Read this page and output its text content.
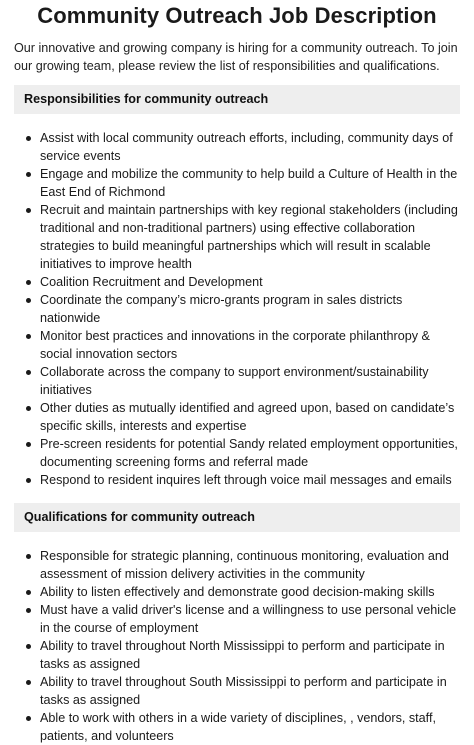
Community Outreach Job Description

Our innovative and growing company is hiring for a community outreach. To join our growing team, please review the list of responsibilities and qualifications.

Responsibilities for community outreach
Assist with local community outreach efforts, including, community days of service events
Engage and mobilize the community to help build a Culture of Health in the East End of Richmond
Recruit and maintain partnerships with key regional stakeholders (including traditional and non-traditional partners) using effective collaboration strategies to build meaningful partnerships which will result in scalable initiatives to improve health
Coalition Recruitment and Development
Coordinate the company’s micro-grants program in sales districts nationwide
Monitor best practices and innovations in the corporate philanthropy & social innovation sectors
Collaborate across the company to support environment/sustainability initiatives
Other duties as mutually identified and agreed upon, based on candidate’s specific skills, interests and expertise
Pre-screen residents for potential Sandy related employment opportunities, documenting screening forms and referral made
Respond to resident inquires left through voice mail messages and emails
Qualifications for community outreach
Responsible for strategic planning, continuous monitoring, evaluation and assessment of mission delivery activities in the community
Ability to listen effectively and demonstrate good decision-making skills
Must have a valid driver's license and a willingness to use personal vehicle in the course of employment
Ability to travel throughout North Mississippi to perform and participate in tasks as assigned
Ability to travel throughout South Mississippi to perform and participate in tasks as assigned
Able to work with others in a wide variety of disciplines, , vendors, staff, patients, and volunteers
